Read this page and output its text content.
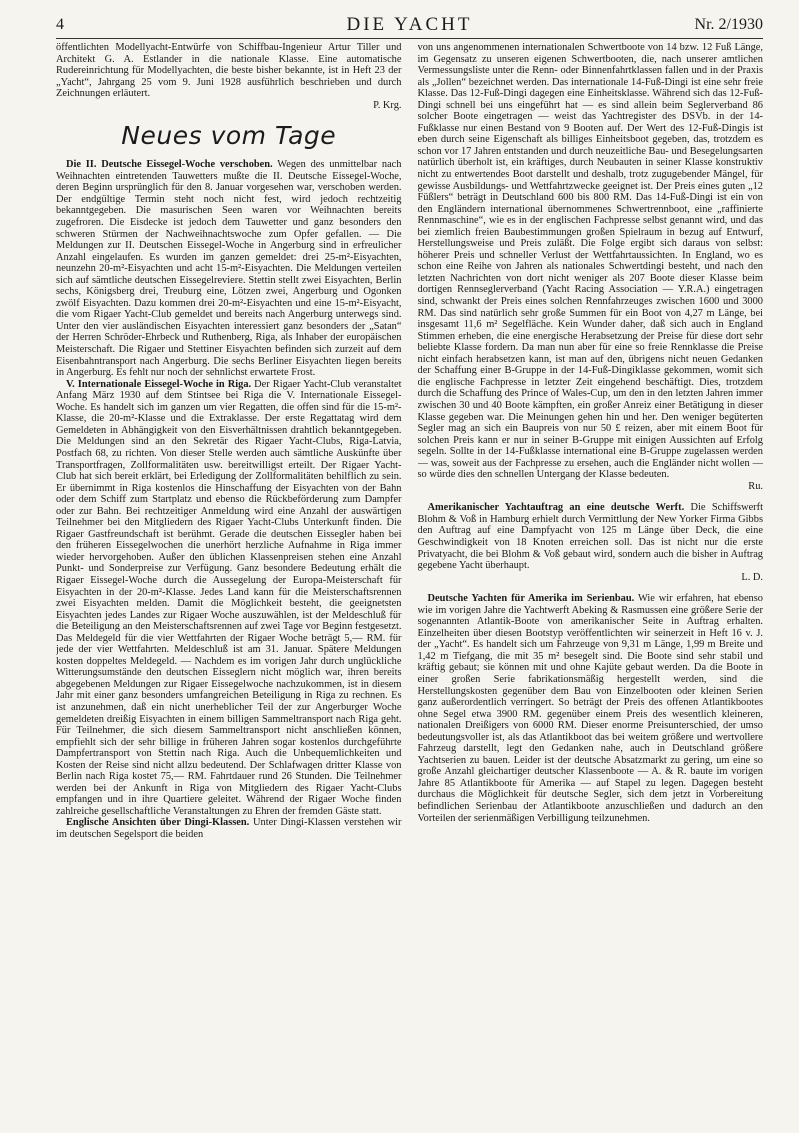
4	DIE YACHT	Nr. 2/1930

öffentlichten Modellyacht-Entwürfe von Schiffbau-Ingenieur Artur Tiller und Architekt G. A. Estlander in die nationale Klasse. Eine automatische Rudereinrichtung für Modellyachten, die beste bisher bekannte, ist in Heft 23 der „Yacht“, Jahrgang 25 vom 9. Juni 1928 ausführlich beschrieben und durch Zeichnungen erläutert.

P. Krg.
Neues vom Tage

Die II. Deutsche Eissegel-Woche verschoben. Wegen des unmittelbar nach Weihnachten eintretenden Tauwetters mußte die II. Deutsche Eissegel-Woche, deren Beginn ursprünglich für den 8. Januar vorgesehen war, verschoben werden. Der endgültige Termin steht noch nicht fest, wird jedoch rechtzeitig bekanntgegeben. Die masurischen Seen waren vor Weihnachten bereits zugefroren. Die Eisdecke ist jedoch dem Tauwetter und ganz besonders den schweren Stürmen der Nachweihnachtswoche zum Opfer gefallen. — Die Meldungen zur II. Deutschen Eissegel-Woche in Angerburg sind in erfreulicher Anzahl eingelaufen. Es wurden im ganzen gemeldet: drei 25-m²-Eisyachten, neunzehn 20-m²-Eisyachten und acht 15-m²-Eisyachten. Die Meldungen verteilen sich auf sämtliche deutschen Eissegelreviere. Stettin stellt zwei Eisyachten, Berlin sechs, Königsberg drei, Treuburg eine, Lötzen zwei, Angerburg und Ogonken zwölf Eisyachten. Dazu kommen drei 20-m²-Eisyachten und eine 15-m²-Eisyacht, die vom Rigaer Yacht-Club gemeldet und bereits nach Angerburg unterwegs sind. Unter den vier ausländischen Eisyachten interessiert ganz besonders der „Satan“ der Herren Schröder-Ehrbeck und Ruthenberg, Riga, als Inhaber der europäischen Meisterschaft. Die Rigaer und Stettiner Eisyachten befinden sich zurzeit auf dem Eisenbahntransport nach Angerburg. Die sechs Berliner Eisyachten liegen bereits in Angerburg. Es fehlt nur noch der sehnlichst erwartete Frost.

V. Internationale Eissegel-Woche in Riga. Der Rigaer Yacht-Club veranstaltet Anfang März 1930 auf dem Stintsee bei Riga die V. Internationale Eissegel-Woche. Es handelt sich im ganzen um vier Regatten, die offen sind für die 15-m²-Klasse, die 20-m²-Klasse und die Extraklasse. Der erste Regattatag wird dem Gemeldeten in Abhängigkeit von den Eisverhältnissen drahtlich bekanntgegeben. Die Meldungen sind an den Sekretär des Rigaer Yacht-Clubs, Riga-Latvia, Postfach 68, zu richten. Von dieser Stelle werden auch sämtliche Auskünfte über Transportfragen, Zollformalitäten usw. bereitwilligst erteilt. Der Rigaer Yacht-Club hat sich bereit erklärt, bei Erledigung der Zollformalitäten behilflich zu sein. Er übernimmt in Riga kostenlos die Hinschaffung der Eisyachten von der Bahn oder dem Schiff zum Startplatz und ebenso die Rückbeförderung zum Dampfer oder zur Bahn. Bei rechtzeitiger Anmeldung wird eine Anzahl der auswärtigen Teilnehmer bei den Mitgliedern des Rigaer Yacht-Clubs Unterkunft finden. Die Rigaer Gastfreundschaft ist berühmt. Gerade die deutschen Eissegler haben bei den früheren Eissegelwochen die unerhört herzliche Aufnahme in Riga immer wieder hervorgehoben. Außer den üblichen Klassenpreisen stehen eine Anzahl Punkt- und Sonderpreise zur Verfügung. Ganz besondere Bedeutung erhält die Rigaer Eissegel-Woche durch die Aussegelung der Europa-Meisterschaft für Eisyachten in der 20-m²-Klasse. Jedes Land kann für die Meisterschaftsrennen zwei Eisyachten melden. Damit die Möglichkeit besteht, die geeignetsten Eisyachten jedes Landes zur Rigaer Woche auszuwählen, ist der Meldeschluß für die Beteiligung an den Meisterschaftsrennen auf zwei Tage vor Beginn festgesetzt. Das Meldegeld für die vier Wettfahrten der Rigaer Woche beträgt 5,— RM. für jede der vier Wettfahrten. Meldeschluß ist am 31. Januar. Spätere Meldungen kosten doppeltes Meldegeld. — Nachdem es im vorigen Jahr durch unglückliche Witterungsumstände den deutschen Eisseglern nicht möglich war, ihren bereits abgegebenen Meldungen zur Rigaer Eissegelwoche nachzukommen, ist in diesem Jahr mit einer ganz besonders umfangreichen Beteiligung in Riga zu rechnen. Es ist anzunehmen, daß ein nicht unerheblicher Teil der zur Angerburger Woche gemeldeten dreißig Eisyachten in einem billigen Sammeltransport nach Riga geht. Für Teilnehmer, die sich diesem Sammeltransport nicht anschließen können, empfiehlt sich der sehr billige in früheren Jahren sogar kostenlos durchgeführte Dampfertransport von Stettin nach Riga. Auch die Unbequemlichkeiten und Kosten der Reise sind nicht allzu bedeutend. Der Schlafwagen dritter Klasse von Berlin nach Riga kostet 75,— RM. Fahrtdauer rund 26 Stunden. Die Teilnehmer werden bei der Ankunft in Riga von Mitgliedern des Rigaer Yacht-Clubs empfangen und in ihre Quartiere geleitet. Während der Rigaer Woche finden zahlreiche gesellschaftliche Veranstaltungen zu Ehren der fremden Gäste statt.

Englische Ansichten über Dingi-Klassen. Unter Dingi-Klassen verstehen wir im deutschen Segelsport die beiden

von uns angenommenen internationalen Schwertboote von 14 bzw. 12 Fuß Länge, im Gegensatz zu unseren eigenen Schwertbooten, die, nach unserer amtlichen Vermessungsliste unter die Renn- oder Binnenfahrtklassen fallen und in der Praxis als „Jollen“ bezeichnet werden. Das internationale 14-Fuß-Dingi ist eine sehr freie Klasse. Das 12-Fuß-Dingi dagegen eine Einheitsklasse. Während sich das 12-Fuß-Dingi schnell bei uns eingeführt hat — es sind allein beim Seglerverband 86 solcher Boote eingetragen — weist das Yachtregister des DSVb. in der 14-Fußklasse nur einen Bestand von 9 Booten auf. Der Wert des 12-Fuß-Dingis ist eben durch seine Eigenschaft als billiges Einheitsboot gegeben, das, trotzdem es schon vor 17 Jahren entstanden und durch neuzeitliche Bau- und Besegelungsarten natürlich überholt ist, ein kräftiges, durch Neubauten in seiner Klasse konstruktiv nicht zu entwertendes Boot darstellt und deshalb, trotz zugugebender Mängel, für gewisse Ausbildungs- und Wettfahrtzwecke geeignet ist. Der Preis eines guten „12 Füßlers“ beträgt in Deutschland 600 bis 800 RM. Das 14-Fuß-Dingi ist ein von den Engländern international übernommenes Schwertrennboot, eine „raffinierte Rennmaschine“, wie es in der englischen Fachpresse selbst genannt wird, und das bei ziemlich freien Baubestimmungen großen Spielraum in bezug auf Entwurf, Herstellungsweise und Preis zuläßt. Die Folge ergibt sich daraus von selbst: höherer Preis und schneller Verlust der Wettfahrtaussichten. In England, wo es schon eine Reihe von Jahren als nationales Schwertdingi besteht, und nach den letzten Nachrichten von dort nicht weniger als 207 Boote dieser Klasse beim dortigen Rennseglerverband (Yacht Racing Association — Y.R.A.) eingetragen sind, schwankt der Preis eines solchen Rennfahrzeuges zwischen 1600 und 3000 RM. Das sind natürlich sehr große Summen für ein Boot von 4,27 m Länge, bei insgesamt 11,6 m² Segelfläche. Kein Wunder daher, daß sich auch in England Stimmen erheben, die eine energische Herabsetzung der Preise für diese dort sehr beliebte Klasse fordern. Da man nun aber für eine so freie Rennklasse die Preise nicht einfach herabsetzen kann, ist man auf den, übrigens nicht neuen Gedanken der Schaffung einer B-Gruppe in der 14-Fuß-Dingiklasse gekommen, womit sich die englische Fachpresse in letzter Zeit eingehend beschäftigt. Dies, trotzdem durch die Schaffung des Prince of Wales-Cup, um den in den letzten Jahren immer zwischen 30 und 40 Boote kämpften, ein großer Anreiz einer Betätigung in dieser Klasse gegeben war. Die Meinungen gehen hin und her. Den weniger begüterten Segler mag an sich ein Baupreis von nur 50 £ reizen, aber mit einem Boot für solchen Preis kann er nur in seiner B-Gruppe mit einigen Aussichten auf Erfolg segeln. Sollte in der 14-Fußklasse international eine B-Gruppe zugelassen werden — was, soweit aus der Fachpresse zu ersehen, auch die Engländer nicht wollen — so würde dies den schnellen Untergang der Klasse bedeuten.

Ru.

Amerikanischer Yachtauftrag an eine deutsche Werft. Die Schiffswerft Blohm & Voß in Hamburg erhielt durch Vermittlung der New Yorker Firma Gibbs den Auftrag auf eine Dampfyacht von 125 m Länge über Deck, die eine Geschwindigkeit von 18 Knoten erreichen soll. Das ist nicht nur die erste Privatyacht, die bei Blohm & Voß gebaut wird, sondern auch die bisher in Auftrag gegebene Yacht überhaupt.

L. D.

Deutsche Yachten für Amerika im Serienbau. Wie wir erfahren, hat ebenso wie im vorigen Jahre die Yachtwerft Abeking & Rasmussen eine größere Serie der sogenannten Atlantik-Boote von amerikanischer Seite in Auftrag erhalten. Einzelheiten über diesen Bootstyp veröffentlichten wir seinerzeit in Heft 16 v. J. der „Yacht“. Es handelt sich um Fahrzeuge von 9,31 m Länge, 1,99 m Breite und 1,42 m Tiefgang, die mit 35 m² besegelt sind. Die Boote sind sehr stabil und kräftig gebaut; sie können mit und ohne Kajüte gebaut werden. Da die Boote in einer großen Serie fabrikationsmäßig hergestellt werden, sind die Herstellungskosten gegenüber dem Bau von Einzelbooten oder kleinen Serien ganz außerordentlich verringert. So beträgt der Preis des offenen Atlantikbootes ohne Segel etwa 3900 RM. gegenüber einem Preis des wesentlich kleineren, nationalen Dreißigers von 6000 RM. Dieser enorme Preisunterschied, der umso bedeutungsvoller ist, als das Atlantikboot das bei weitem größere und wertvollere Fahrzeug darstellt, legt den Gedanken nahe, auch in Deutschland größere Yachtserien zu bauen. Leider ist der deutsche Absatzmarkt zu gering, um eine so große Anzahl gleichartiger deutscher Klassenboote — A. & R. baute im vorigen Jahre 85 Atlantikboote für Amerika — auf Stapel zu legen. Dagegen besteht durchaus die Möglichkeit für deutsche Segler, sich dem jetzt in Vorbereitung befindlichen Serienbau der Atlantikboote anzuschließen und dadurch an den Vorteilen der serienmäßigen Verbilligung teilzunehmen.
